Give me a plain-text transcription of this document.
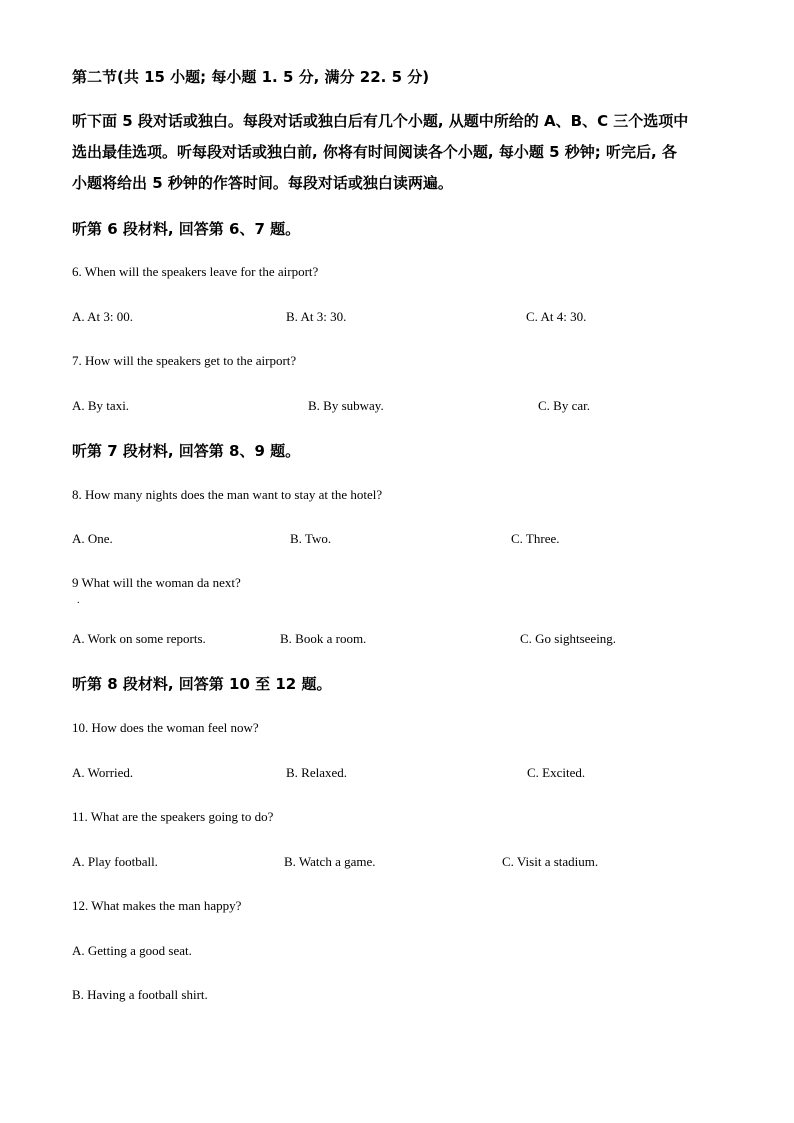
第二节(共 15 小题; 每小题 1. 5 分, 满分 22. 5 分)
听下面 5 段对话或独白。每段对话或独白后有几个小题, 从题中所给的 A、B、C 三个选项中
选出最佳选项。听每段对话或独白前, 你将有时间阅读各个小题, 每小题 5 秒钟; 听完后, 各
小题将给出 5 秒钟的作答时间。每段对话或独白读两遍。
听第 6 段材料, 回答第 6、7 题。
6. When will the speakers leave for the airport?
A. At 3: 00.	B. At 3: 30.	C. At 4: 30.
7. How will the speakers get to the airport?
A. By taxi.	B. By subway.	C. By car.
听第 7 段材料, 回答第 8、9 题。
8. How many nights does the man want to stay at the hotel?
A. One.	B. Two.	C. Three.
9 What will the woman da next?
.
A. Work on some reports.	B. Book a room.	C. Go sightseeing.
听第 8 段材料, 回答第 10 至 12 题。
10. How does the woman feel now?
A. Worried.	B. Relaxed.	C. Excited.
11. What are the speakers going to do?
A. Play football.	B. Watch a game.	C. Visit a stadium.
12. What makes the man happy?
A. Getting a good seat.
B. Having a football shirt.
